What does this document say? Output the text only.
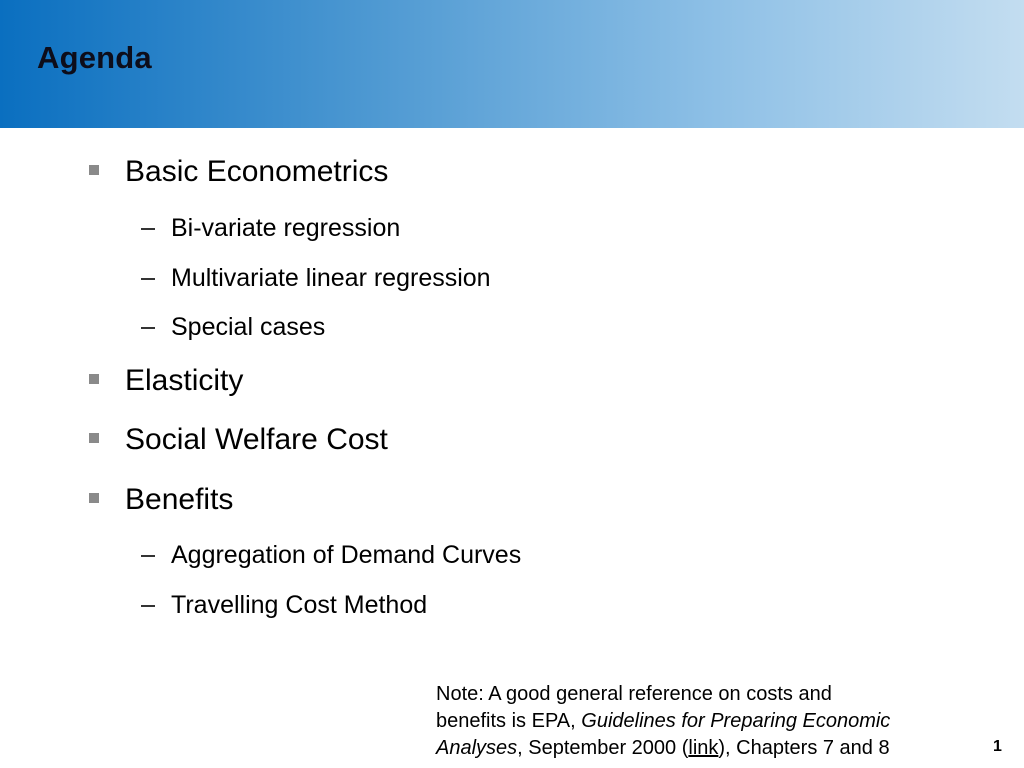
Agenda
Basic Econometrics
Bi-variate regression
Multivariate linear regression
Special cases
Elasticity
Social Welfare Cost
Benefits
Aggregation of Demand Curves
Travelling Cost Method
Note: A good general reference on costs and
benefits is EPA, Guidelines for Preparing Economic
Analyses, September 2000 (link), Chapters 7 and 8	1
